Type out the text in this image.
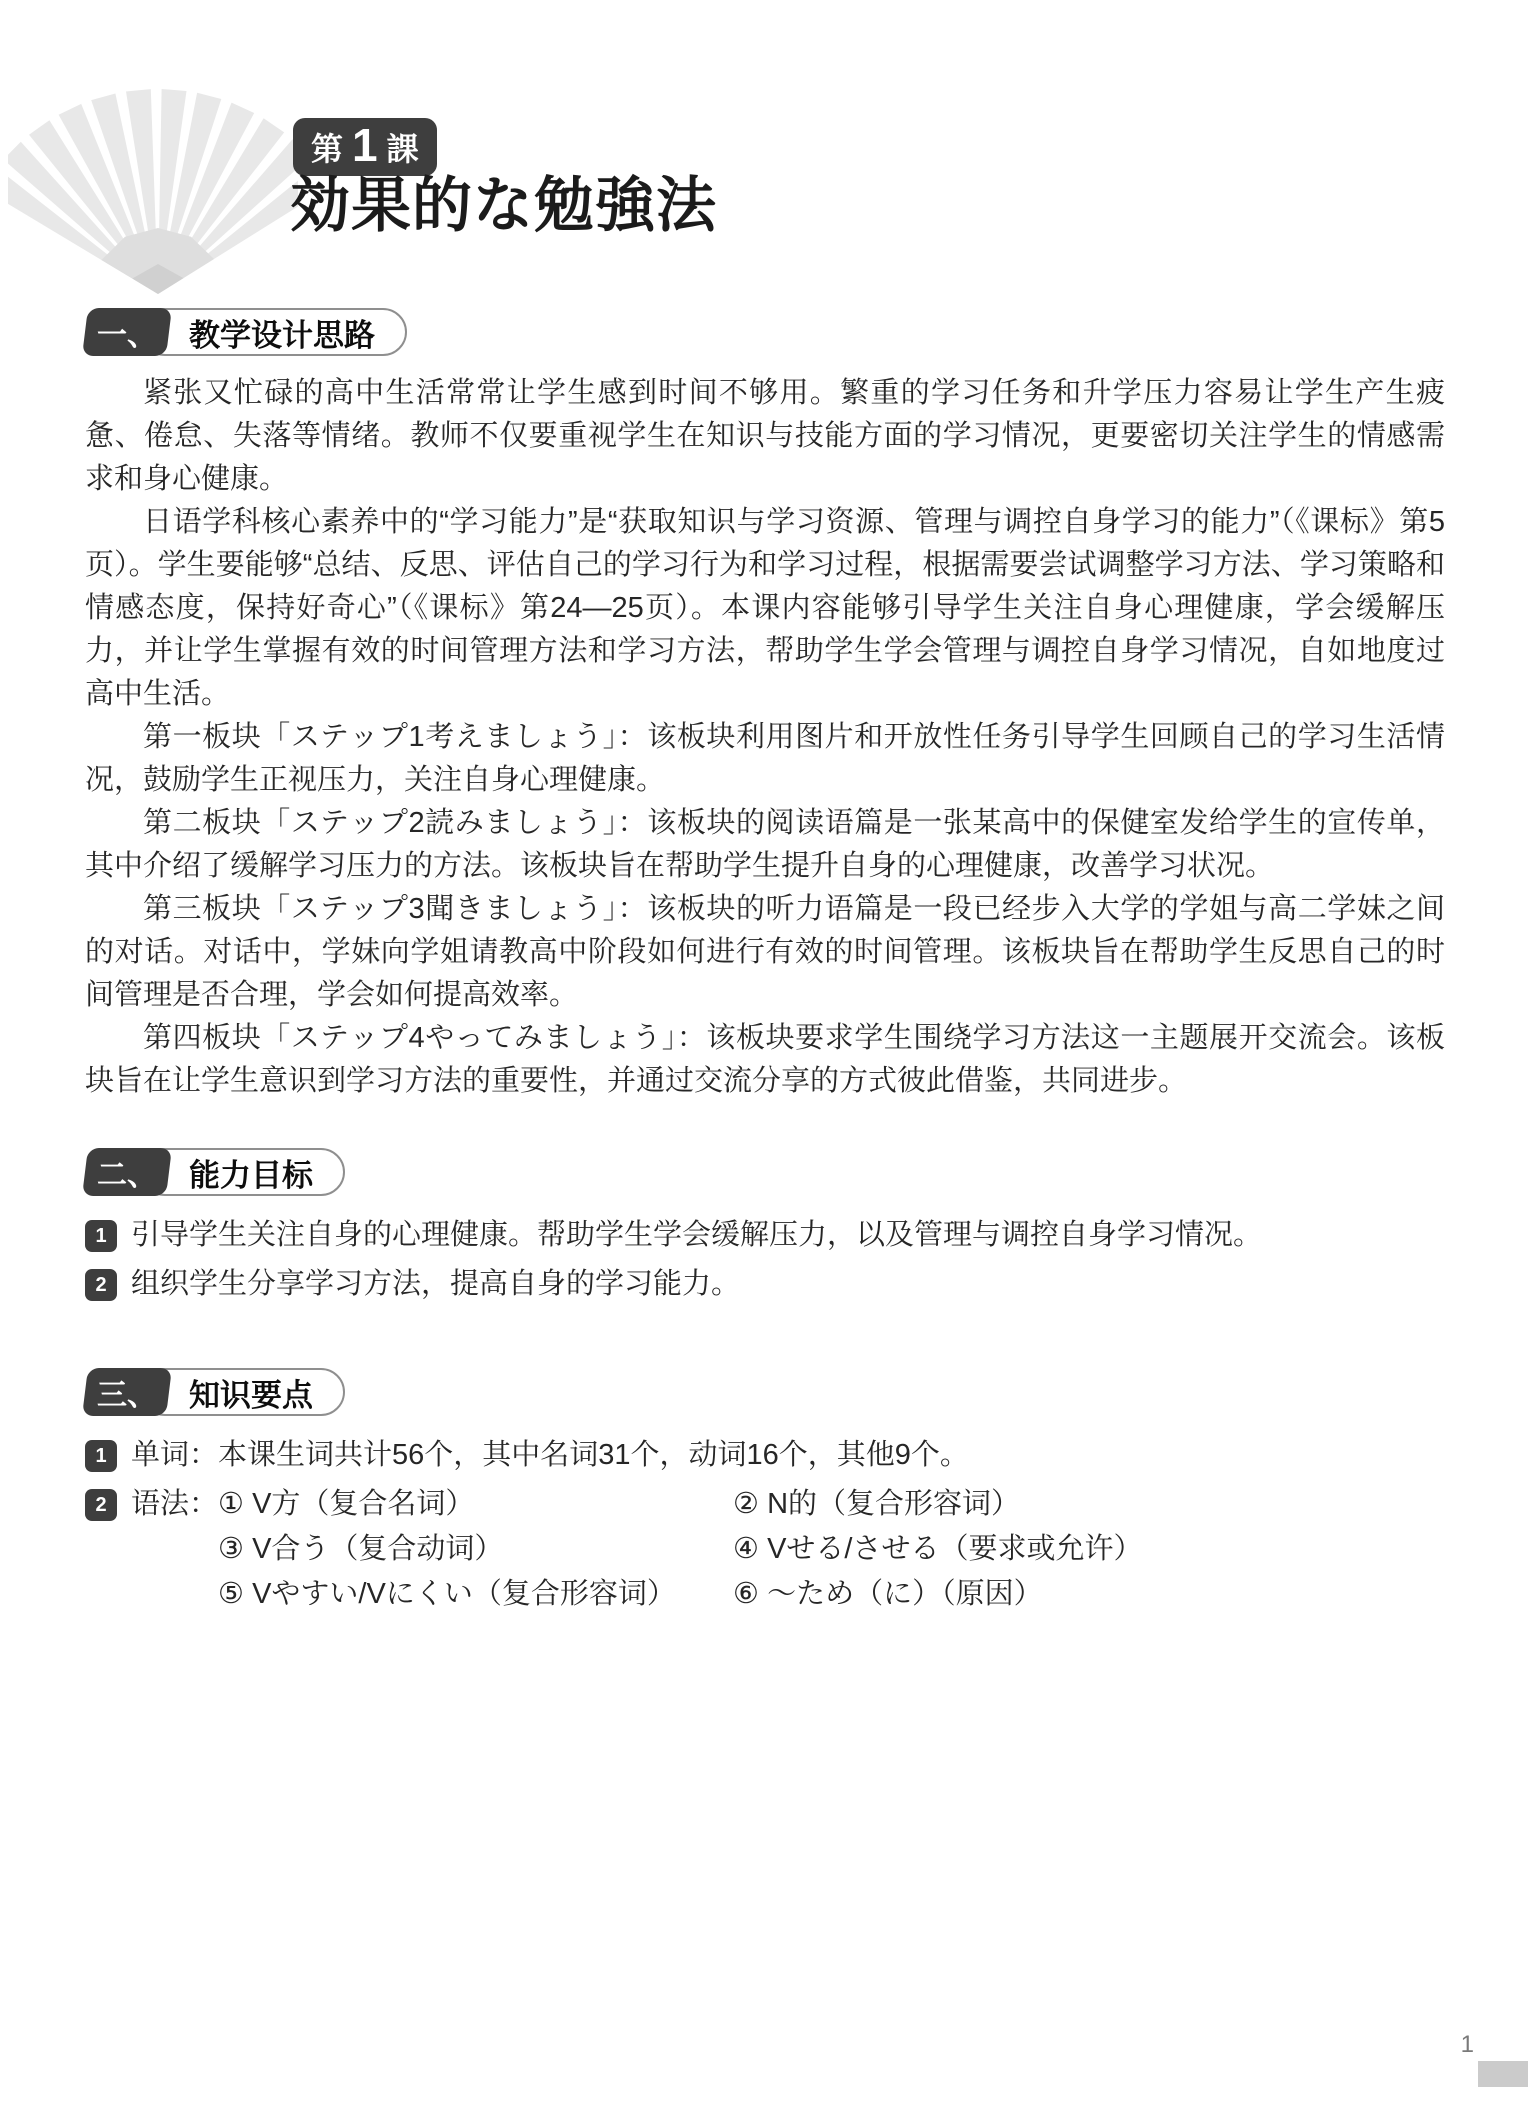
第 1 課
効果的な勉強法
一、	教学设计思路

紧张又忙碌的高中生活常常让学生感到时间不够用。繁重的学习任务和升学压力容易让学生产生疲惫、倦怠、失落等情绪。教师不仅要重视学生在知识与技能方面的学习情况，更要密切关注学生的情感需求和身心健康。

日语学科核心素养中的“学习能力”是“获取知识与学习资源、管理与调控自身学习的能力”（《课标》第5页）。学生要能够“总结、反思、评估自己的学习行为和学习过程，根据需要尝试调整学习方法、学习策略和情感态度，保持好奇心”（《课标》第24—25页）。本课内容能够引导学生关注自身心理健康，学会缓解压力，并让学生掌握有效的时间管理方法和学习方法，帮助学生学会管理与调控自身学习情况，自如地度过高中生活。

第一板块「ステップ1考えましょう」：该板块利用图片和开放性任务引导学生回顾自己的学习生活情况，鼓励学生正视压力，关注自身心理健康。

第二板块「ステップ2読みましょう」：该板块的阅读语篇是一张某高中的保健室发给学生的宣传单，其中介绍了缓解学习压力的方法。该板块旨在帮助学生提升自身的心理健康，改善学习状况。

第三板块「ステップ3聞きましょう」：该板块的听力语篇是一段已经步入大学的学姐与高二学妹之间的对话。对话中，学妹向学姐请教高中阶段如何进行有效的时间管理。该板块旨在帮助学生反思自己的时间管理是否合理，学会如何提高效率。

第四板块「ステップ4やってみましょう」：该板块要求学生围绕学习方法这一主题展开交流会。该板块旨在让学生意识到学习方法的重要性，并通过交流分享的方式彼此借鉴，共同进步。

二、	能力目标
1 引导学生关注自身的心理健康。帮助学生学会缓解压力，以及管理与调控自身学习情况。
2 组织学生分享学习方法，提高自身的学习能力。
三、	知识要点
1 单词： 本课生词共计56个，其中名词31个，动词16个，其他9个。
2 语法： ① V方（复合名词）	② N的（复合形容词）
③ V合う（复合动词）	④ Vせる/させる（要求或允许）
⑤ Vやすい/Vにくい（复合形容词）	⑥ ～ため（に）（原因）
1
